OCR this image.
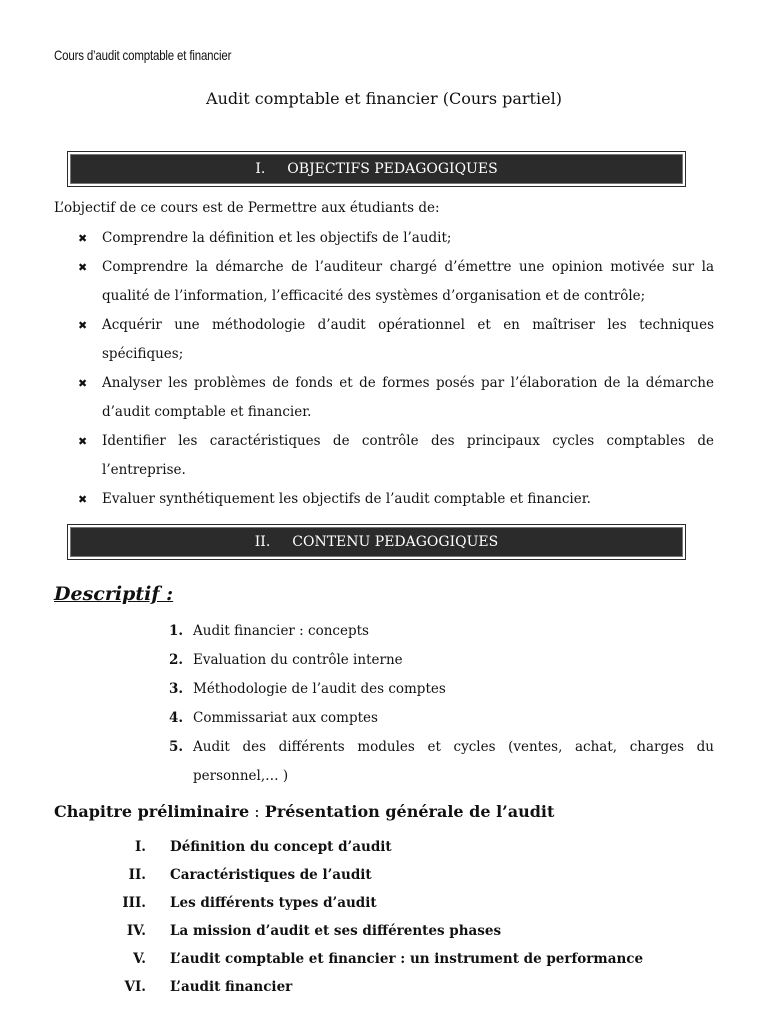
Cours d’audit comptable et financier
Audit comptable et financier (Cours partiel)
I. OBJECTIFS PEDAGOGIQUES
L’objectif de ce cours est de Permettre aux étudiants de:
✖ Comprendre la définition et les objectifs de l’audit;
✖ Comprendre la démarche de l’auditeur chargé d’émettre une opinion motivée sur la qualité de l’information, l’efficacité des systèmes d’organisation et de contrôle;
✖ Acquérir une méthodologie d’audit opérationnel et en maîtriser les techniques spécifiques;
✖ Analyser les problèmes de fonds et de formes posés par l’élaboration de la démarche d’audit comptable et financier.
✖ Identifier les caractéristiques de contrôle des principaux cycles comptables de l’entreprise.
✖ Evaluer synthétiquement les objectifs de l’audit comptable et financier.
II. CONTENU PEDAGOGIQUES
Descriptif :
1. Audit financier : concepts
2. Evaluation du contrôle interne
3. Méthodologie de l’audit des comptes
4. Commissariat aux comptes
5. Audit des différents modules et cycles (ventes, achat, charges du personnel,… )
Chapitre préliminaire : Présentation générale de l’audit
I. Définition du concept d’audit
II. Caractéristiques de l’audit
III. Les différents types d’audit
IV. La mission d’audit et ses différentes phases
V. L’audit comptable et financier : un instrument de performance
VI. L’audit financier
